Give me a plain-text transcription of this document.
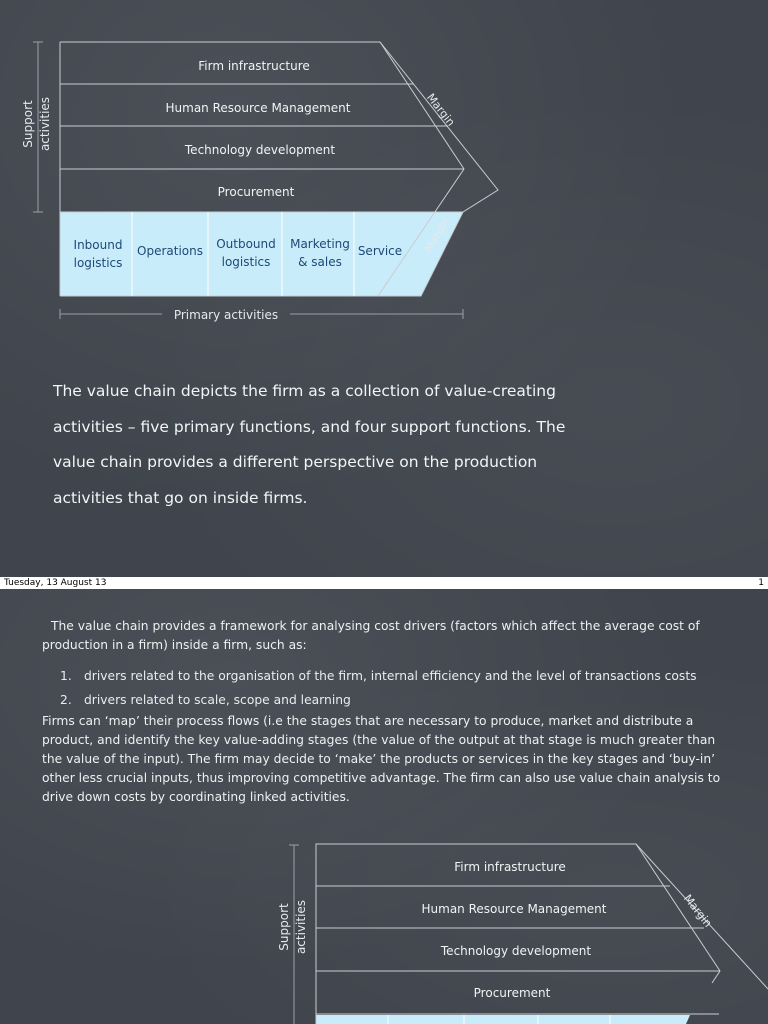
Support activities
Firm infrastructure
Human Resource Management
Technology development
Procurement
Inbound
logistics
Operations Outbound
logistics
Marketing
& sales
Service
Margin
Margin
Primary activities

The value chain depicts the firm as a collection of value-creating activities – five primary functions, and four support functions. The value chain provides a different perspective on the production activities that go on inside firms.

Tuesday, 13 August 13	1
Support activities
Firm infrastructure
Human Resource Management
Technology development
Procurement
Margin

The value chain provides a framework for analysing cost drivers (factors which affect the average cost of production in a firm) inside a firm, such as:

1. drivers related to the organisation of the firm, internal efficiency and the level of transactions costs
2. drivers related to scale, scope and learning

Firms can ‘map’ their process flows (i.e the stages that are necessary to produce, market and distribute a product, and identify the key value-adding stages (the value of the output at that stage is much greater than the value of the input). The firm may decide to ‘make’ the products or services in the key stages and ‘buy-in’ other less crucial inputs, thus improving competitive advantage. The firm can also use value chain analysis to drive down costs by coordinating linked activities.
